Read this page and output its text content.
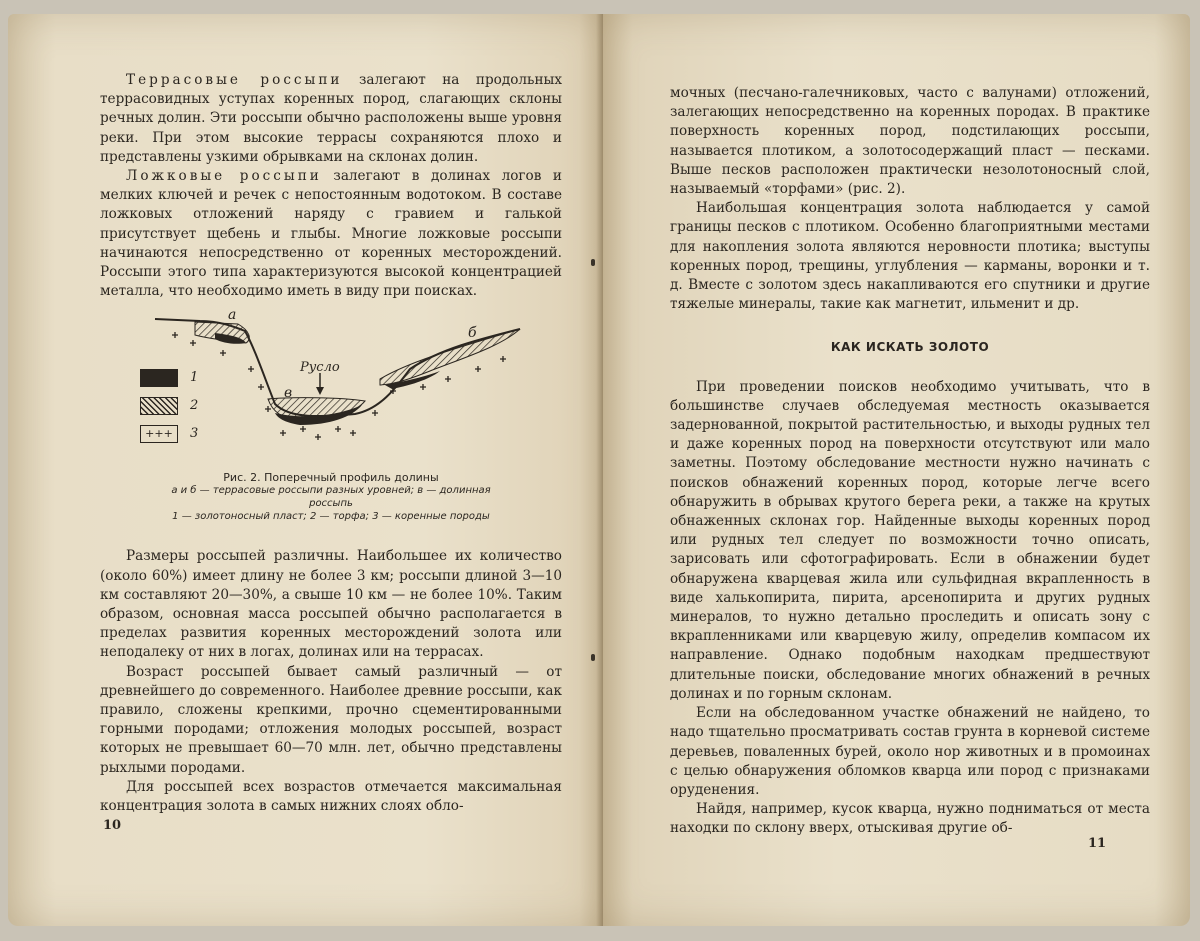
Террасовые россыпи залегают на продольных террасовидных уступах коренных пород, слагающих склоны речных долин. Эти россыпи обычно расположены выше уровня реки. При этом высокие террасы сохраняются плохо и представлены узкими обрывками на склонах долин.

Ложковые россыпи залегают в долинах логов и мелких ключей и речек с непостоянным водотоком. В составе ложковых отложений наряду с гравием и галькой присутствует щебень и глыбы. Многие ложковые россыпи начинаются непосредственно от коренных месторождений. Россыпи этого типа характеризуются высокой концентрацией металла, что необходимо иметь в виду при поисках.

а
б
в
Русло
1
2
+++	3
Рис. 2. Поперечный профиль долины
а и б — террасовые россыпи разных уровней; в — долинная россыпь
1 — золотоносный пласт; 2 — торфа; 3 — коренные породы

Размеры россыпей различны. Наибольшее их количество (около 60%) имеет длину не более 3 км; россыпи длиной 3—10 км составляют 20—30%, а свыше 10 км — не более 10%. Таким образом, основная масса россыпей обычно располагается в пределах развития коренных месторождений золота или неподалеку от них в логах, долинах или на террасах.

Возраст россыпей бывает самый различный — от древнейшего до современного. Наиболее древние россыпи, как правило, сложены крепкими, прочно сцементированными горными породами; отложения молодых россыпей, возраст которых не превышает 60—70 млн. лет, обычно представлены рыхлыми породами.

Для россыпей всех возрастов отмечается максимальная концентрация золота в самых нижних слоях обло-

10

мочных (песчано-галечниковых, часто с валунами) отложений, залегающих непосредственно на коренных породах. В практике поверхность коренных пород, подстилающих россыпи, называется плотиком, а золотосодержащий пласт — песками. Выше песков расположен практически незолотоносный слой, называемый «торфами» (рис. 2).

Наибольшая концентрация золота наблюдается у самой границы песков с плотиком. Особенно благоприятными местами для накопления золота являются неровности плотика; выступы коренных пород, трещины, углубления — карманы, воронки и т. д. Вместе с золотом здесь накапливаются его спутники и другие тяжелые минералы, такие как магнетит, ильменит и др.

КАК ИСКАТЬ ЗОЛОТО

При проведении поисков необходимо учитывать, что в большинстве случаев обследуемая местность оказывается задернованной, покрытой растительностью, и выходы рудных тел и даже коренных пород на поверхности отсутствуют или мало заметны. Поэтому обследование местности нужно начинать с поисков обнажений коренных пород, которые легче всего обнаружить в обрывах крутого берега реки, а также на крутых обнаженных склонах гор. Найденные выходы коренных пород или рудных тел следует по возможности точно описать, зарисовать или сфотографировать. Если в обнажении будет обнаружена кварцевая жила или сульфидная вкрапленность в виде халькопирита, пирита, арсенопирита и других рудных минералов, то нужно детально проследить и описать зону с вкрапленниками или кварцевую жилу, определив компасом их направление. Однако подобным находкам предшествуют длительные поиски, обследование многих обнажений в речных долинах и по горным склонам.

Если на обследованном участке обнажений не найдено, то надо тщательно просматривать состав грунта в корневой системе деревьев, поваленных бурей, около нор животных и в промоинах с целью обнаружения обломков кварца или пород с признаками оруденения.

Найдя, например, кусок кварца, нужно подниматься от места находки по склону вверх, отыскивая другие об-

11
